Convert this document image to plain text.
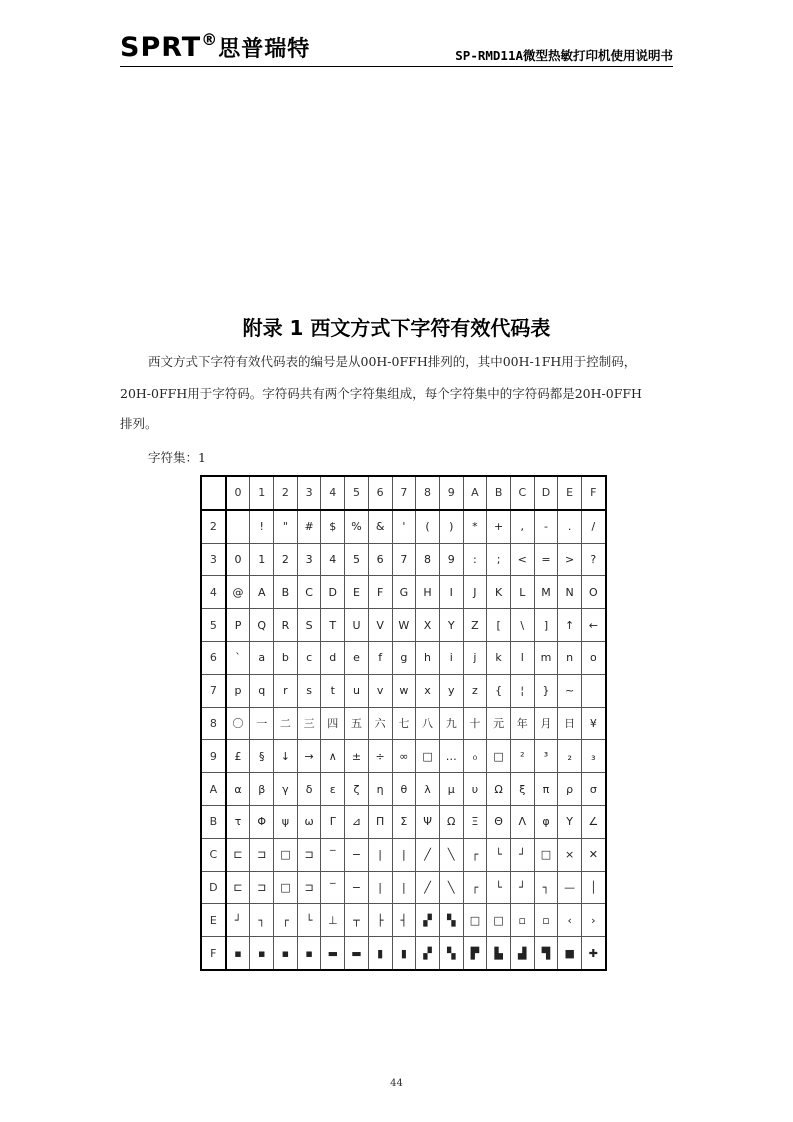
SPRT®思普瑞特	SP-RMD11A微型热敏打印机使用说明书
附录 1 西文方式下字符有效代码表
西文方式下字符有效代码表的编号是从00H-0FFH排列的，其中00H-1FH用于控制码，
20H-0FFH用于字符码。字符码共有两个字符集组成，每个字符集中的字符码都是20H-0FFH
排列。
字符集：1
	0	1	2	3	4	5	6	7	8	9	A	B	C	D	E	F
2		!	"	#	$	%	&	'	(	)	*	+	,	-	.	/
3	0	1	2	3	4	5	6	7	8	9	:	;	<	=	>	?
4	@	A	B	C	D	E	F	G	H	I	J	K	L	M	N	O
5	P	Q	R	S	T	U	V	W	X	Y	Z	[	\	]	↑	←
6	`	a	b	c	d	e	f	g	h	i	j	k	l	m	n	o
7	p	q	r	s	t	u	v	w	x	y	z	{	¦	}	~	
8	〇	一	二	三	四	五	六	七	八	九	十	元	年	月	日	¥
9	£	§	↓	→	∧	±	÷	∞	□	…	₀	□	²	³	₂	₃
A	α	β	γ	δ	ε	ζ	η	θ	λ	μ	υ	Ω	ξ	π	ρ	σ
B	τ	Φ	ψ	ω	Γ	⊿	Π	Σ	Ψ	Ω	Ξ	Θ	Λ	φ	Υ	∠
C	⊏	⊐	□	⊐	‾	−	|	|	╱	╲	┌	└	┘	□	×	✕
D	⊏	⊐	□	⊐	‾	−	|	|	╱	╲	┌	└	┘	┐	—	│
E	┘	┐	┌	└	⊥	┬	├	┤	▞	▚	□	□	▫	▫	‹	›
F	▪	▪	▪	▪	▬	▬	▮	▮	▞	▚	▛	▙	▟	▜	■	✚
44
